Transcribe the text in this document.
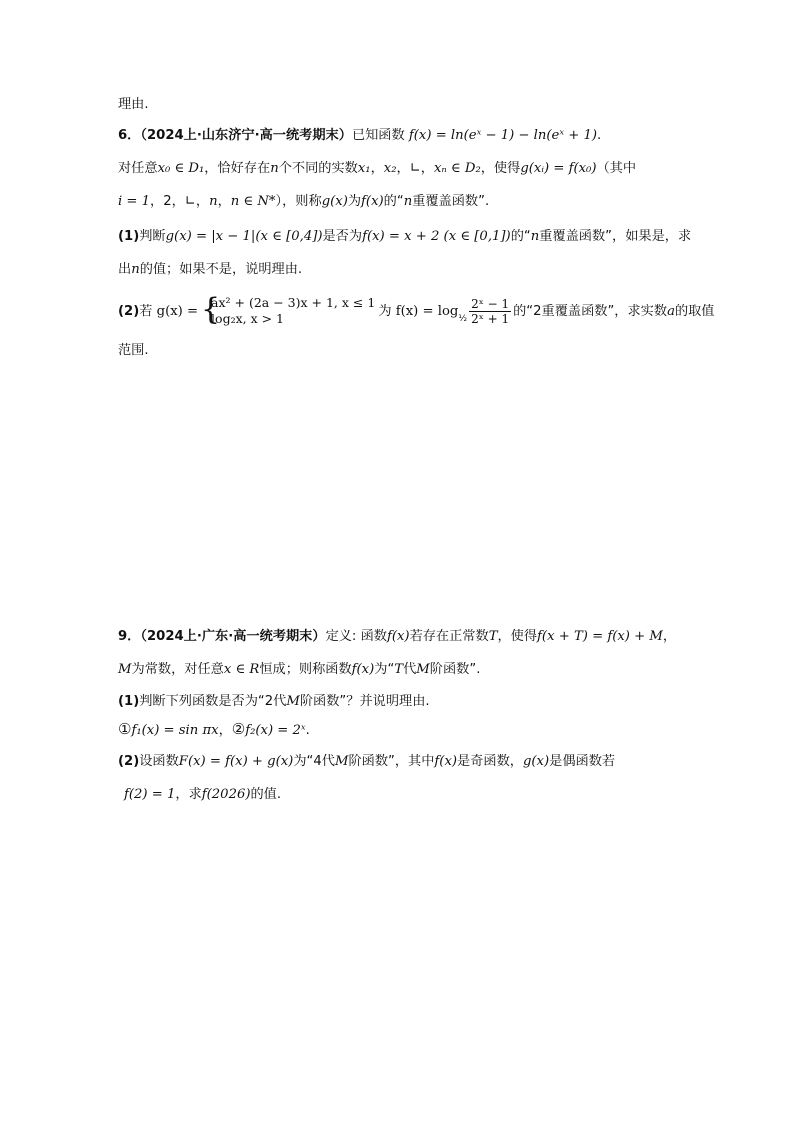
理由.
6．（2024上·山东济宁·高一统考期末）已知函数 f(x) = ln(eˣ − 1) − ln(eˣ + 1).
对任意x₀ ∈ D₁，恰好存在n个不同的实数x₁，x₂，∟，xₙ ∈ D₂，使得g(xᵢ) = f(x₀)（其中
i = 1，2，∟，n，n ∈ N*），则称g(x)为f(x)的“n重覆盖函数”.
(1)判断g(x) = |x − 1|(x ∈ [0,4])是否为f(x) = x + 2 (x ∈ [0,1])的“n重覆盖函数”，如果是，求
出n的值；如果不是，说明理由.
(2)若 g(x) = {
ax² + (2a − 3)x + 1, x ≤ 1
log₂x, x > 1	为 $f(x) = \log_{\frac{1}{2}} \frac{\text{2ˣ − 1}}{\text{2ˣ + 1}}$ 的“2重覆盖函数”，求实数a的取值
范围.
9．（2024上·广东·高一统考期末）定义: 函数f(x)若存在正常数T，使得f(x + T) = f(x) + M，
M为常数，对任意x ∈ R恒成；则称函数f(x)为“T代M阶函数”.
(1)判断下列函数是否为“2代M阶函数”？并说明理由.
①f₁(x) = sin πx，②f₂(x) = 2ˣ.
(2)设函数F(x) = f(x) + g(x)为“4代M阶函数”，其中f(x)是奇函数，g(x)是偶函数若
f(2) = 1，求f(2026)的值.
